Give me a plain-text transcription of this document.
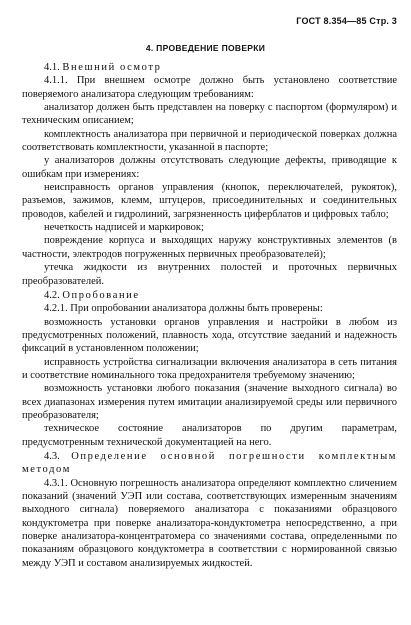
ГОСТ 8.354—85 Стр. 3
4. ПРОВЕДЕНИЕ ПОВЕРКИ

4.1. Внешний осмотр

4.1.1. При внешнем осмотре должно быть установлено соответствие поверяемого анализатора следующим требованиям:

анализатор должен быть представлен на поверку с паспортом (формуляром) и техническим описанием;

комплектность анализатора при первичной и периодической поверках должна соответствовать комплектности, указанной в паспорте;

у анализаторов должны отсутствовать следующие дефекты, приводящие к ошибкам при измерениях:

неисправность органов управления (кнопок, переключателей, рукояток), разъемов, зажимов, клемм, штуцеров, присоединительных и соединительных проводов, кабелей и гидролиний, загрязненность циферблатов и цифровых табло;

нечеткость надписей и маркировок;

повреждение корпуса и выходящих наружу конструктивных элементов (в частности, электродов погруженных первичных преобразователей);

утечка жидкости из внутренних полостей и проточных первичных преобразователей.

4.2. Опробование

4.2.1. При опробовании анализатора должны быть проверены:

возможность установки органов управления и настройки в любом из предусмотренных положений, плавность хода, отсутствие заеданий и надежность фиксаций в установленном положении;

исправность устройства сигнализации включения анализатора в сеть питания и соответствие номинального тока предохранителя требуемому значению;

возможность установки любого показания (значение выходного сигнала) во всех диапазонах измерения путем имитации анализируемой среды или первичного преобразователя;

техническое состояние анализаторов по другим параметрам, предусмотренным технической документацией на него.

4.3. Определение основной погрешности комплектным методом

4.3.1. Основную погрешность анализатора определяют комплектно сличением показаний (значений УЭП или состава, соответствующих измеренным значениям выходного сигнала) поверяемого анализатора с показаниями образцового кондуктометра при поверке анализатора-кондуктометра непосредственно, а при поверке анализатора-концентратомера со значениями состава, определенными по показаниям образцового кондуктометра в соответствии с нормированной связью между УЭП и составом анализируемых жидкостей.
